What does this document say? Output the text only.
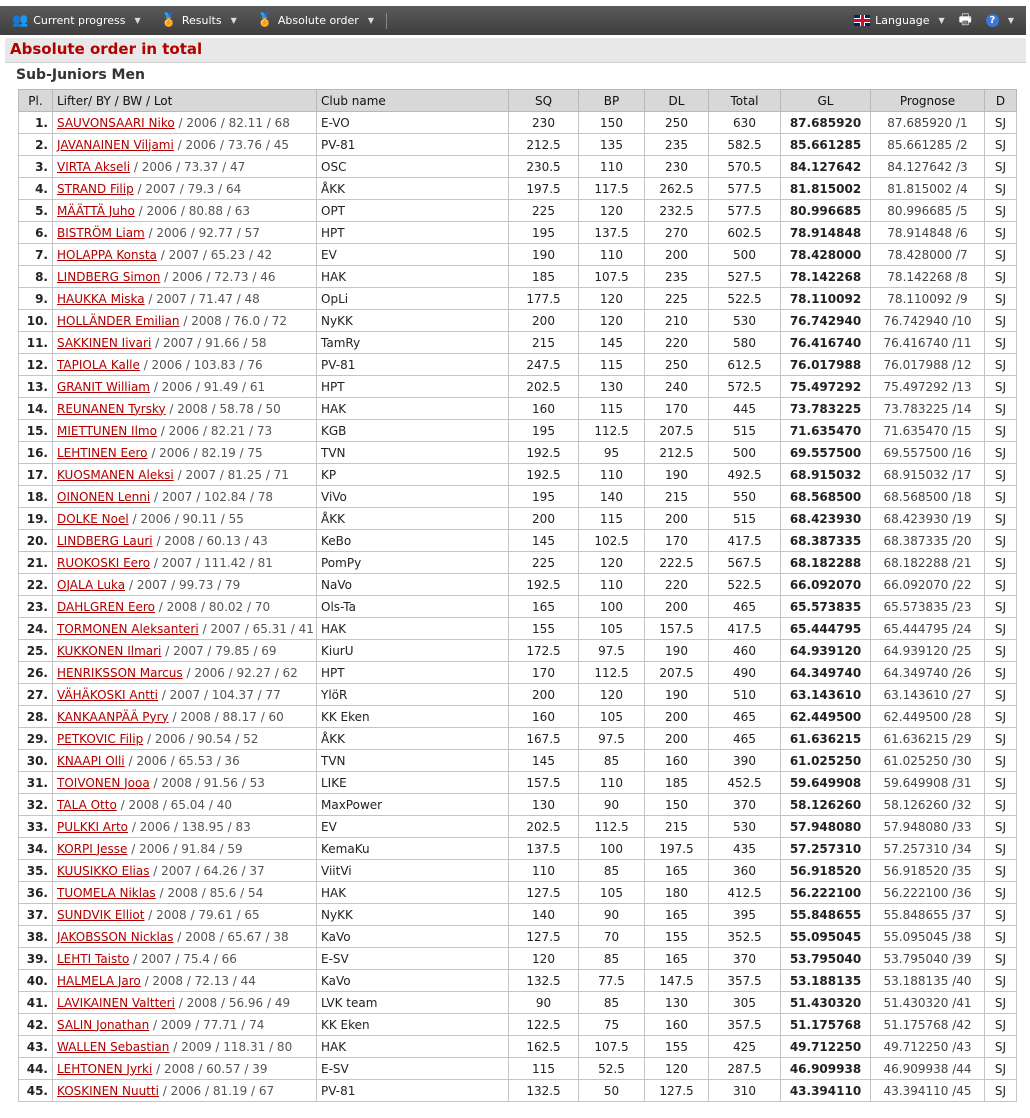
👥 Current progress ▼ 🏅 Results ▼ 🏅 Absolute order ▼	Language ▼ 🖶	?	▼
Absolute order in total
Sub-Juniors Men
Pl.	Lifter/ BY / BW / Lot	Club name	SQ	BP	DL	Total	GL	Prognose	D
1.	SAUVONSAARI Niko / 2006 / 82.11 / 68	E-VO	230	150	250	630	87.685920	87.685920 /1	SJ
2.	JAVANAINEN Viljami / 2006 / 73.76 / 45	PV-81	212.5	135	235	582.5	85.661285	85.661285 /2	SJ
3.	VIRTA Akseli / 2006 / 73.37 / 47	OSC	230.5	110	230	570.5	84.127642	84.127642 /3	SJ
4.	STRAND Filip / 2007 / 79.3 / 64	ÅKK	197.5	117.5	262.5	577.5	81.815002	81.815002 /4	SJ
5.	MÄÄTTÄ Juho / 2006 / 80.88 / 63	OPT	225	120	232.5	577.5	80.996685	80.996685 /5	SJ
6.	BISTRÖM Liam / 2006 / 92.77 / 57	HPT	195	137.5	270	602.5	78.914848	78.914848 /6	SJ
7.	HOLAPPA Konsta / 2007 / 65.23 / 42	EV	190	110	200	500	78.428000	78.428000 /7	SJ
8.	LINDBERG Simon / 2006 / 72.73 / 46	HAK	185	107.5	235	527.5	78.142268	78.142268 /8	SJ
9.	HAUKKA Miska / 2007 / 71.47 / 48	OpLi	177.5	120	225	522.5	78.110092	78.110092 /9	SJ
10.	HOLLÄNDER Emilian / 2008 / 76.0 / 72	NyKK	200	120	210	530	76.742940	76.742940 /10	SJ
11.	SAKKINEN Iivari / 2007 / 91.66 / 58	TamRy	215	145	220	580	76.416740	76.416740 /11	SJ
12.	TAPIOLA Kalle / 2006 / 103.83 / 76	PV-81	247.5	115	250	612.5	76.017988	76.017988 /12	SJ
13.	GRANIT William / 2006 / 91.49 / 61	HPT	202.5	130	240	572.5	75.497292	75.497292 /13	SJ
14.	REUNANEN Tyrsky / 2008 / 58.78 / 50	HAK	160	115	170	445	73.783225	73.783225 /14	SJ
15.	MIETTUNEN Ilmo / 2006 / 82.21 / 73	KGB	195	112.5	207.5	515	71.635470	71.635470 /15	SJ
16.	LEHTINEN Eero / 2006 / 82.19 / 75	TVN	192.5	95	212.5	500	69.557500	69.557500 /16	SJ
17.	KUOSMANEN Aleksi / 2007 / 81.25 / 71	KP	192.5	110	190	492.5	68.915032	68.915032 /17	SJ
18.	OINONEN Lenni / 2007 / 102.84 / 78	ViVo	195	140	215	550	68.568500	68.568500 /18	SJ
19.	DOLKE Noel / 2006 / 90.11 / 55	ÅKK	200	115	200	515	68.423930	68.423930 /19	SJ
20.	LINDBERG Lauri / 2008 / 60.13 / 43	KeBo	145	102.5	170	417.5	68.387335	68.387335 /20	SJ
21.	RUOKOSKI Eero / 2007 / 111.42 / 81	PomPy	225	120	222.5	567.5	68.182288	68.182288 /21	SJ
22.	OJALA Luka / 2007 / 99.73 / 79	NaVo	192.5	110	220	522.5	66.092070	66.092070 /22	SJ
23.	DAHLGREN Eero / 2008 / 80.02 / 70	Ols-Ta	165	100	200	465	65.573835	65.573835 /23	SJ
24.	TORMONEN Aleksanteri / 2007 / 65.31 / 41	HAK	155	105	157.5	417.5	65.444795	65.444795 /24	SJ
25.	KUKKONEN Ilmari / 2007 / 79.85 / 69	KiurU	172.5	97.5	190	460	64.939120	64.939120 /25	SJ
26.	HENRIKSSON Marcus / 2006 / 92.27 / 62	HPT	170	112.5	207.5	490	64.349740	64.349740 /26	SJ
27.	VÄHÄKOSKI Antti / 2007 / 104.37 / 77	YlöR	200	120	190	510	63.143610	63.143610 /27	SJ
28.	KANKAANPÄÄ Pyry / 2008 / 88.17 / 60	KK Eken	160	105	200	465	62.449500	62.449500 /28	SJ
29.	PETKOVIC Filip / 2006 / 90.54 / 52	ÅKK	167.5	97.5	200	465	61.636215	61.636215 /29	SJ
30.	KNAAPI Olli / 2006 / 65.53 / 36	TVN	145	85	160	390	61.025250	61.025250 /30	SJ
31.	TOIVONEN Jooa / 2008 / 91.56 / 53	LIKE	157.5	110	185	452.5	59.649908	59.649908 /31	SJ
32.	TALA Otto / 2008 / 65.04 / 40	MaxPower	130	90	150	370	58.126260	58.126260 /32	SJ
33.	PULKKI Arto / 2006 / 138.95 / 83	EV	202.5	112.5	215	530	57.948080	57.948080 /33	SJ
34.	KORPI Jesse / 2006 / 91.84 / 59	KemaKu	137.5	100	197.5	435	57.257310	57.257310 /34	SJ
35.	KUUSIKKO Elias / 2007 / 64.26 / 37	ViitVi	110	85	165	360	56.918520	56.918520 /35	SJ
36.	TUOMELA Niklas / 2008 / 85.6 / 54	HAK	127.5	105	180	412.5	56.222100	56.222100 /36	SJ
37.	SUNDVIK Elliot / 2008 / 79.61 / 65	NyKK	140	90	165	395	55.848655	55.848655 /37	SJ
38.	JAKOBSSON Nicklas / 2008 / 65.67 / 38	KaVo	127.5	70	155	352.5	55.095045	55.095045 /38	SJ
39.	LEHTI Taisto / 2007 / 75.4 / 66	E-SV	120	85	165	370	53.795040	53.795040 /39	SJ
40.	HALMELA Jaro / 2008 / 72.13 / 44	KaVo	132.5	77.5	147.5	357.5	53.188135	53.188135 /40	SJ
41.	LAVIKAINEN Valtteri / 2008 / 56.96 / 49	LVK team	90	85	130	305	51.430320	51.430320 /41	SJ
42.	SALIN Jonathan / 2009 / 77.71 / 74	KK Eken	122.5	75	160	357.5	51.175768	51.175768 /42	SJ
43.	WALLEN Sebastian / 2009 / 118.31 / 80	HAK	162.5	107.5	155	425	49.712250	49.712250 /43	SJ
44.	LEHTONEN Jyrki / 2008 / 60.57 / 39	E-SV	115	52.5	120	287.5	46.909938	46.909938 /44	SJ
45.	KOSKINEN Nuutti / 2006 / 81.19 / 67	PV-81	132.5	50	127.5	310	43.394110	43.394110 /45	SJ
